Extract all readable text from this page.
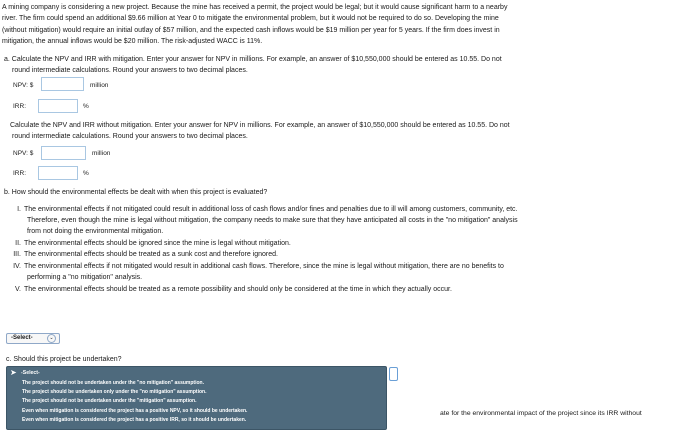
A mining company is considering a new project. Because the mine has received a permit, the project would be legal; but it would cause significant harm to a nearby
river. The firm could spend an additional $9.66 million at Year 0 to mitigate the environmental problem, but it would not be required to do so. Developing the mine
(without mitigation) would require an initial outlay of $57 million, and the expected cash inflows would be $19 million per year for 5 years. If the firm does invest in
mitigation, the annual inflows would be $20 million. The risk-adjusted WACC is 11%.
a. Calculate the NPV and IRR with mitigation. Enter your answer for NPV in millions. For example, an answer of $10,550,000 should be entered as 10.55. Do not
round intermediate calculations. Round your answers to two decimal places.
NPV: $	million
IRR:	%
Calculate the NPV and IRR without mitigation. Enter your answer for NPV in millions. For example, an answer of $10,550,000 should be entered as 10.55. Do not
round intermediate calculations. Round your answers to two decimal places.
NPV: $	million
IRR:	%
b. How should the environmental effects be dealt with when this project is evaluated?
I. The environmental effects if not mitigated could result in additional loss of cash flows and/or fines and penalties due to ill will among customers, community, etc.
Therefore, even though the mine is legal without mitigation, the company needs to make sure that they have anticipated all costs in the "no mitigation" analysis
from not doing the environmental mitigation.
II. The environmental effects should be ignored since the mine is legal without mitigation.
III. The environmental effects should be treated as a sunk cost and therefore ignored.
IV. The environmental effects if not mitigated would result in additional cash flows. Therefore, since the mine is legal without mitigation, there are no benefits to
performing a "no mitigation" analysis.
V. The environmental effects should be treated as a remote possibility and should only be considered at the time in which they actually occur.
-Select-	⌄
c. Should this project be undertaken?
➤ -Select-
The project should not be undertaken under the "no mitigation" assumption.
The project should be undertaken only under the "no mitigation" assumption.
The project should not be undertaken under the "mitigation" assumption.
Even when mitigation is considered the project has a positive NPV, so it should be undertaken.
Even when mitigation is considered the project has a positive IRR, so it should be undertaken.
ate for the environmental impact of the project since its IRR without
